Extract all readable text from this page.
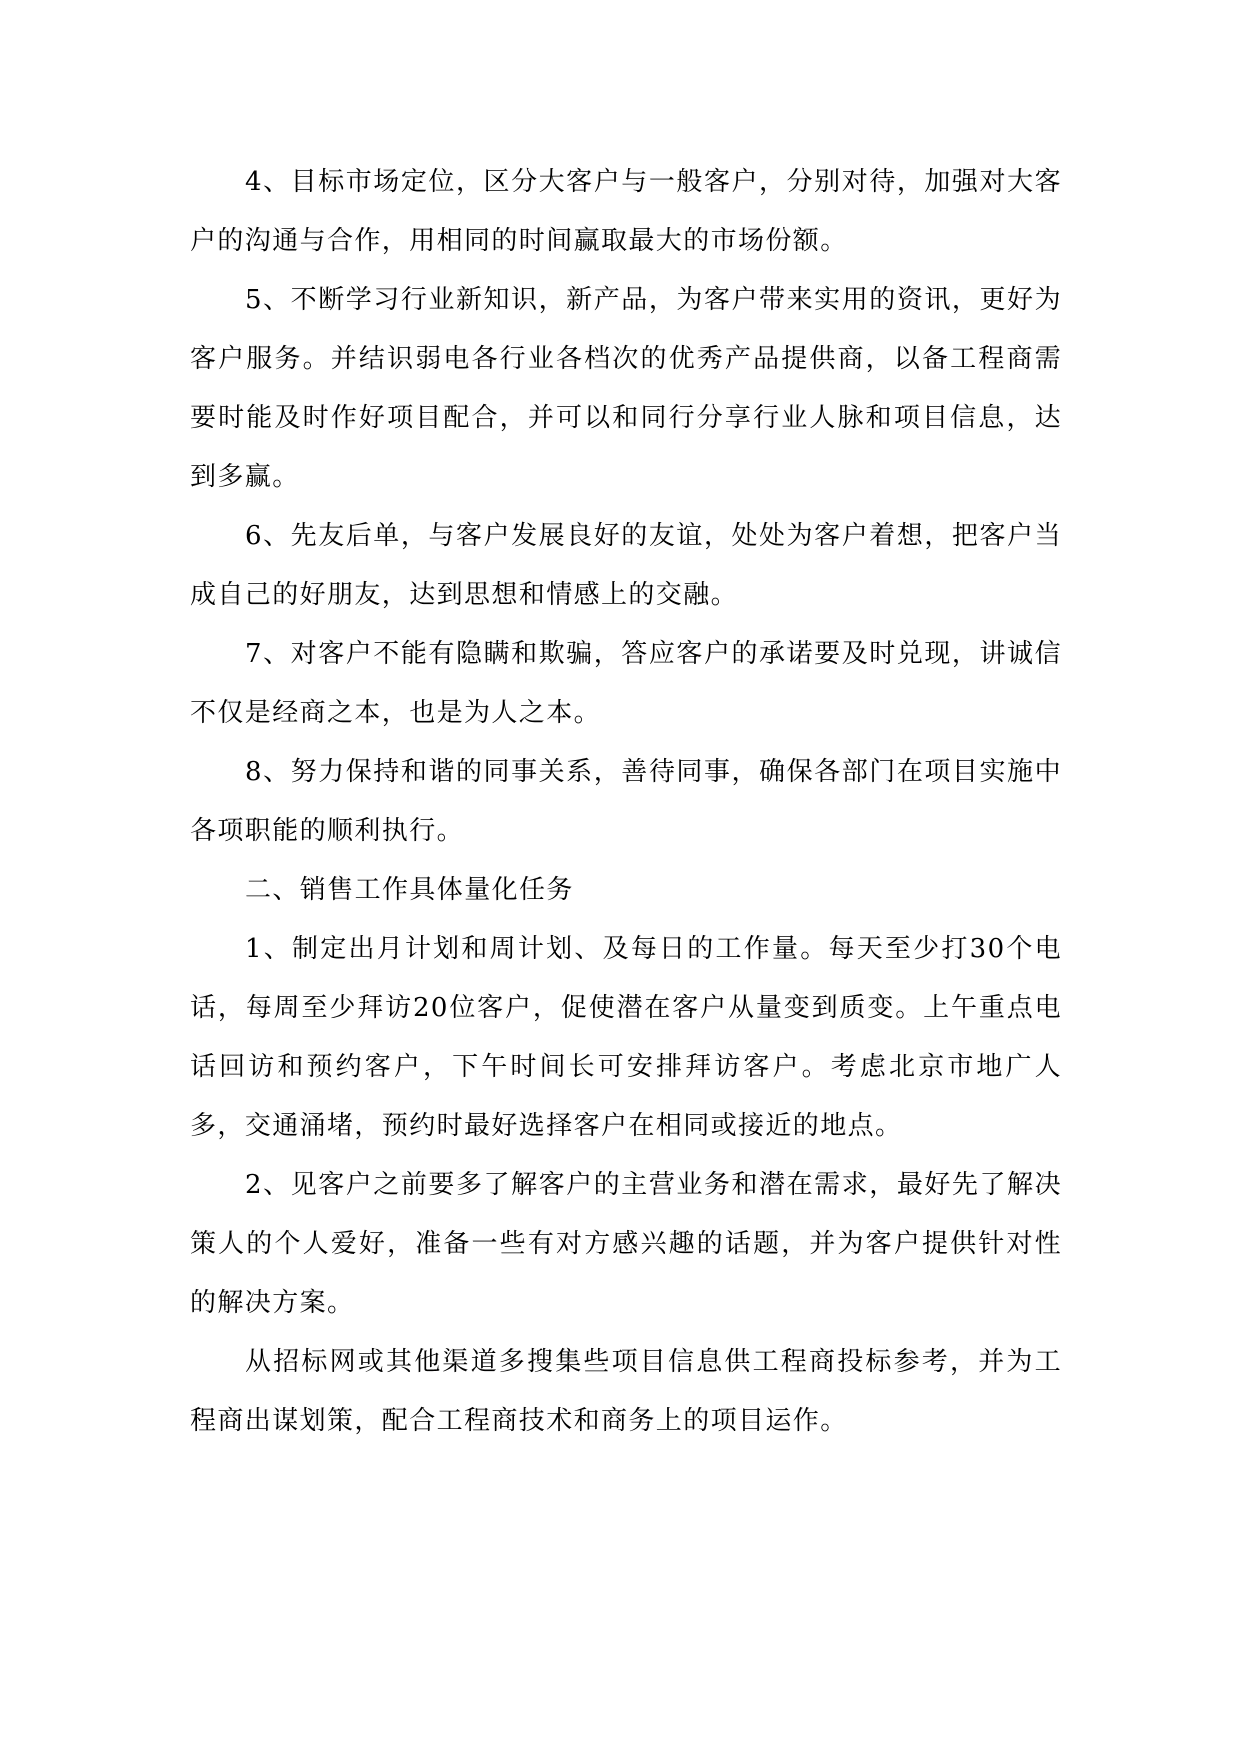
4、目标市场定位，区分大客户与一般客户，分别对待，加强对大客户的沟通与合作，用相同的时间赢取最大的市场份额。

5、不断学习行业新知识，新产品，为客户带来实用的资讯，更好为客户服务。并结识弱电各行业各档次的优秀产品提供商，以备工程商需要时能及时作好项目配合，并可以和同行分享行业人脉和项目信息，达到多赢。

6、先友后单，与客户发展良好的友谊，处处为客户着想，把客户当成自己的好朋友，达到思想和情感上的交融。

7、对客户不能有隐瞒和欺骗，答应客户的承诺要及时兑现，讲诚信不仅是经商之本，也是为人之本。

8、努力保持和谐的同事关系，善待同事，确保各部门在项目实施中各项职能的顺利执行。

二、销售工作具体量化任务

1、制定出月计划和周计划、及每日的工作量。每天至少打30个电话，每周至少拜访20位客户，促使潜在客户从量变到质变。上午重点电话回访和预约客户，下午时间长可安排拜访客户。考虑北京市地广人多，交通涌堵，预约时最好选择客户在相同或接近的地点。

2、见客户之前要多了解客户的主营业务和潜在需求，最好先了解决策人的个人爱好，准备一些有对方感兴趣的话题，并为客户提供针对性的解决方案。

从招标网或其他渠道多搜集些项目信息供工程商投标参考，并为工程商出谋划策，配合工程商技术和商务上的项目运作。
